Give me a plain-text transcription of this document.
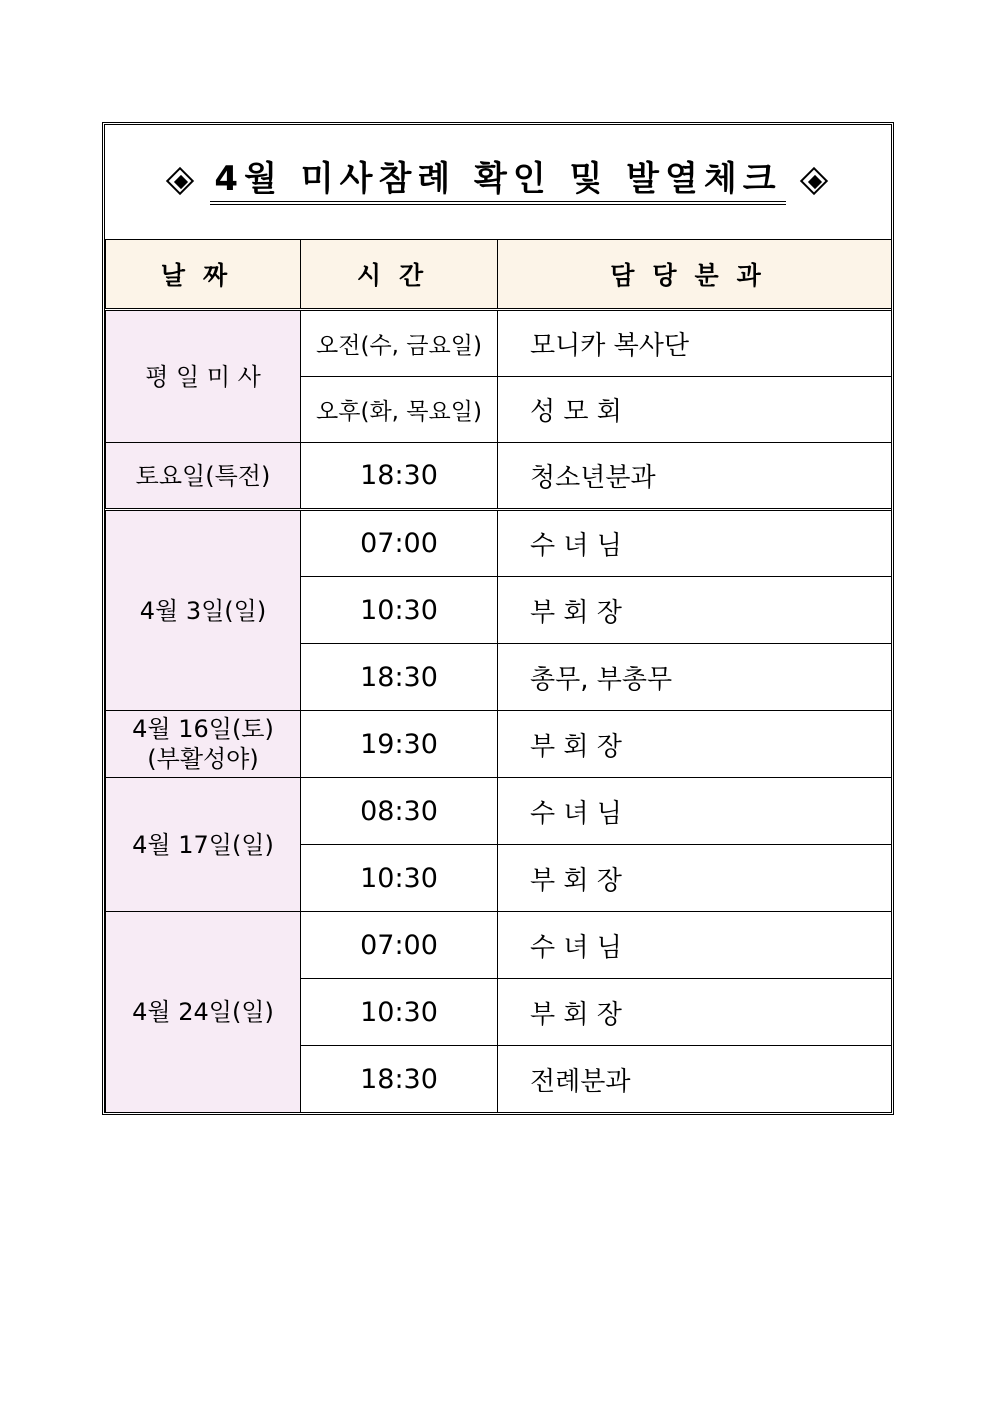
4월 미사참례 확인 및 발열체크
날짜	시간	담당분과
평 일 미 사	오전(수, 금요일)	모니카 복사단
	오후(화, 목요일)	성 모 회
토요일(특전)	18:30	청소년분과
4월 3일(일)	07:00	수 녀 님
	10:30	부 회 장
	18:30	총무, 부총무

4월 16일(토)
(부활성야)	19:30	부 회 장
4월 17일(일)	08:30	수 녀 님
	10:30	부 회 장
4월 24일(일)	07:00	수 녀 님
	10:30	부 회 장
	18:30	전례분과
